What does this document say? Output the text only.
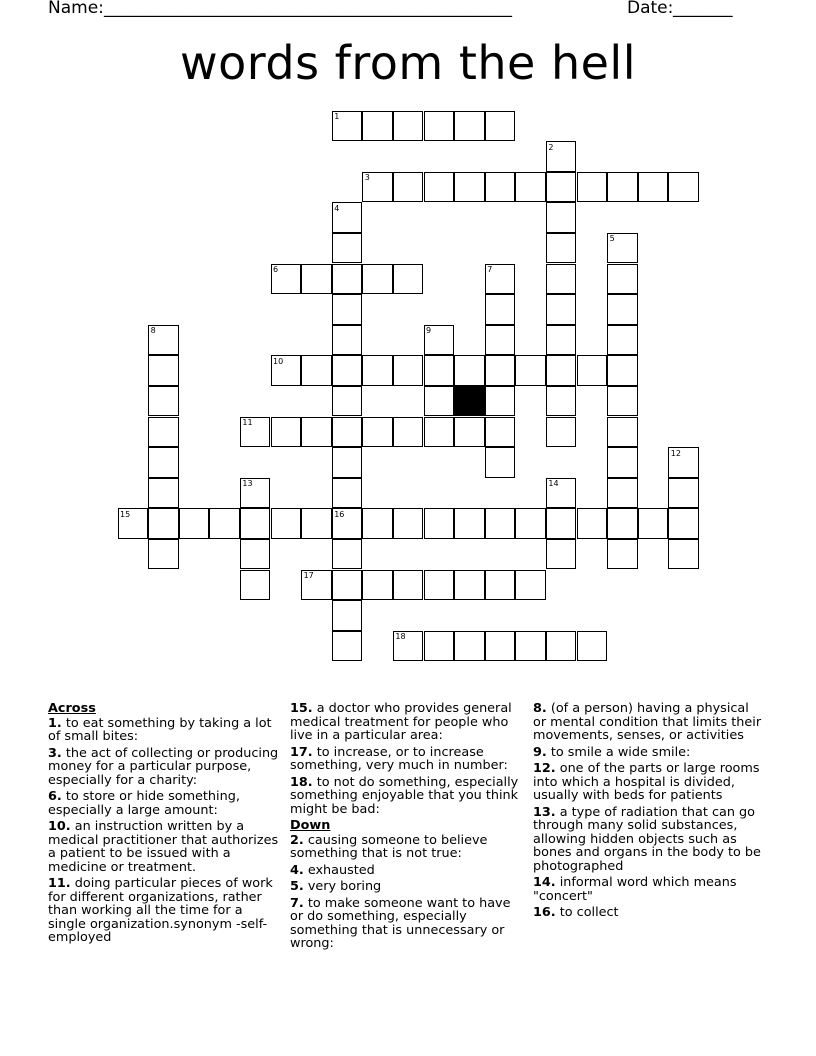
Name: ________________________________________________	Date: _______
words from the hell
1
2
3
4
5
6	7
8	9
10
11
12
13	14
15	16
17
18
Across
1. to eat something by taking a lot of small bites:
3. the act of collecting or producing money for a particular purpose, especially for a charity:
6. to store or hide something, especially a large amount:
10. an instruction written by a medical practitioner that authorizes a patient to be issued with a medicine or treatment.
11. doing particular pieces of work for different organizations, rather than working all the time for a single organization.synonym -self-employed
15. a doctor who provides general medical treatment for people who live in a particular area:
17. to increase, or to increase something, very much in number:
18. to not do something, especially something enjoyable that you think might be bad:
Down
2. causing someone to believe something that is not true:
4. exhausted
5. very boring
7. to make someone want to have or do something, especially something that is unnecessary or wrong:
8. (of a person) having a physical or mental condition that limits their movements, senses, or activities
9. to smile a wide smile:
12. one of the parts or large rooms into which a hospital is divided, usually with beds for patients
13. a type of radiation that can go through many solid substances, allowing hidden objects such as bones and organs in the body to be photographed
14. informal word which means "concert"
16. to collect
